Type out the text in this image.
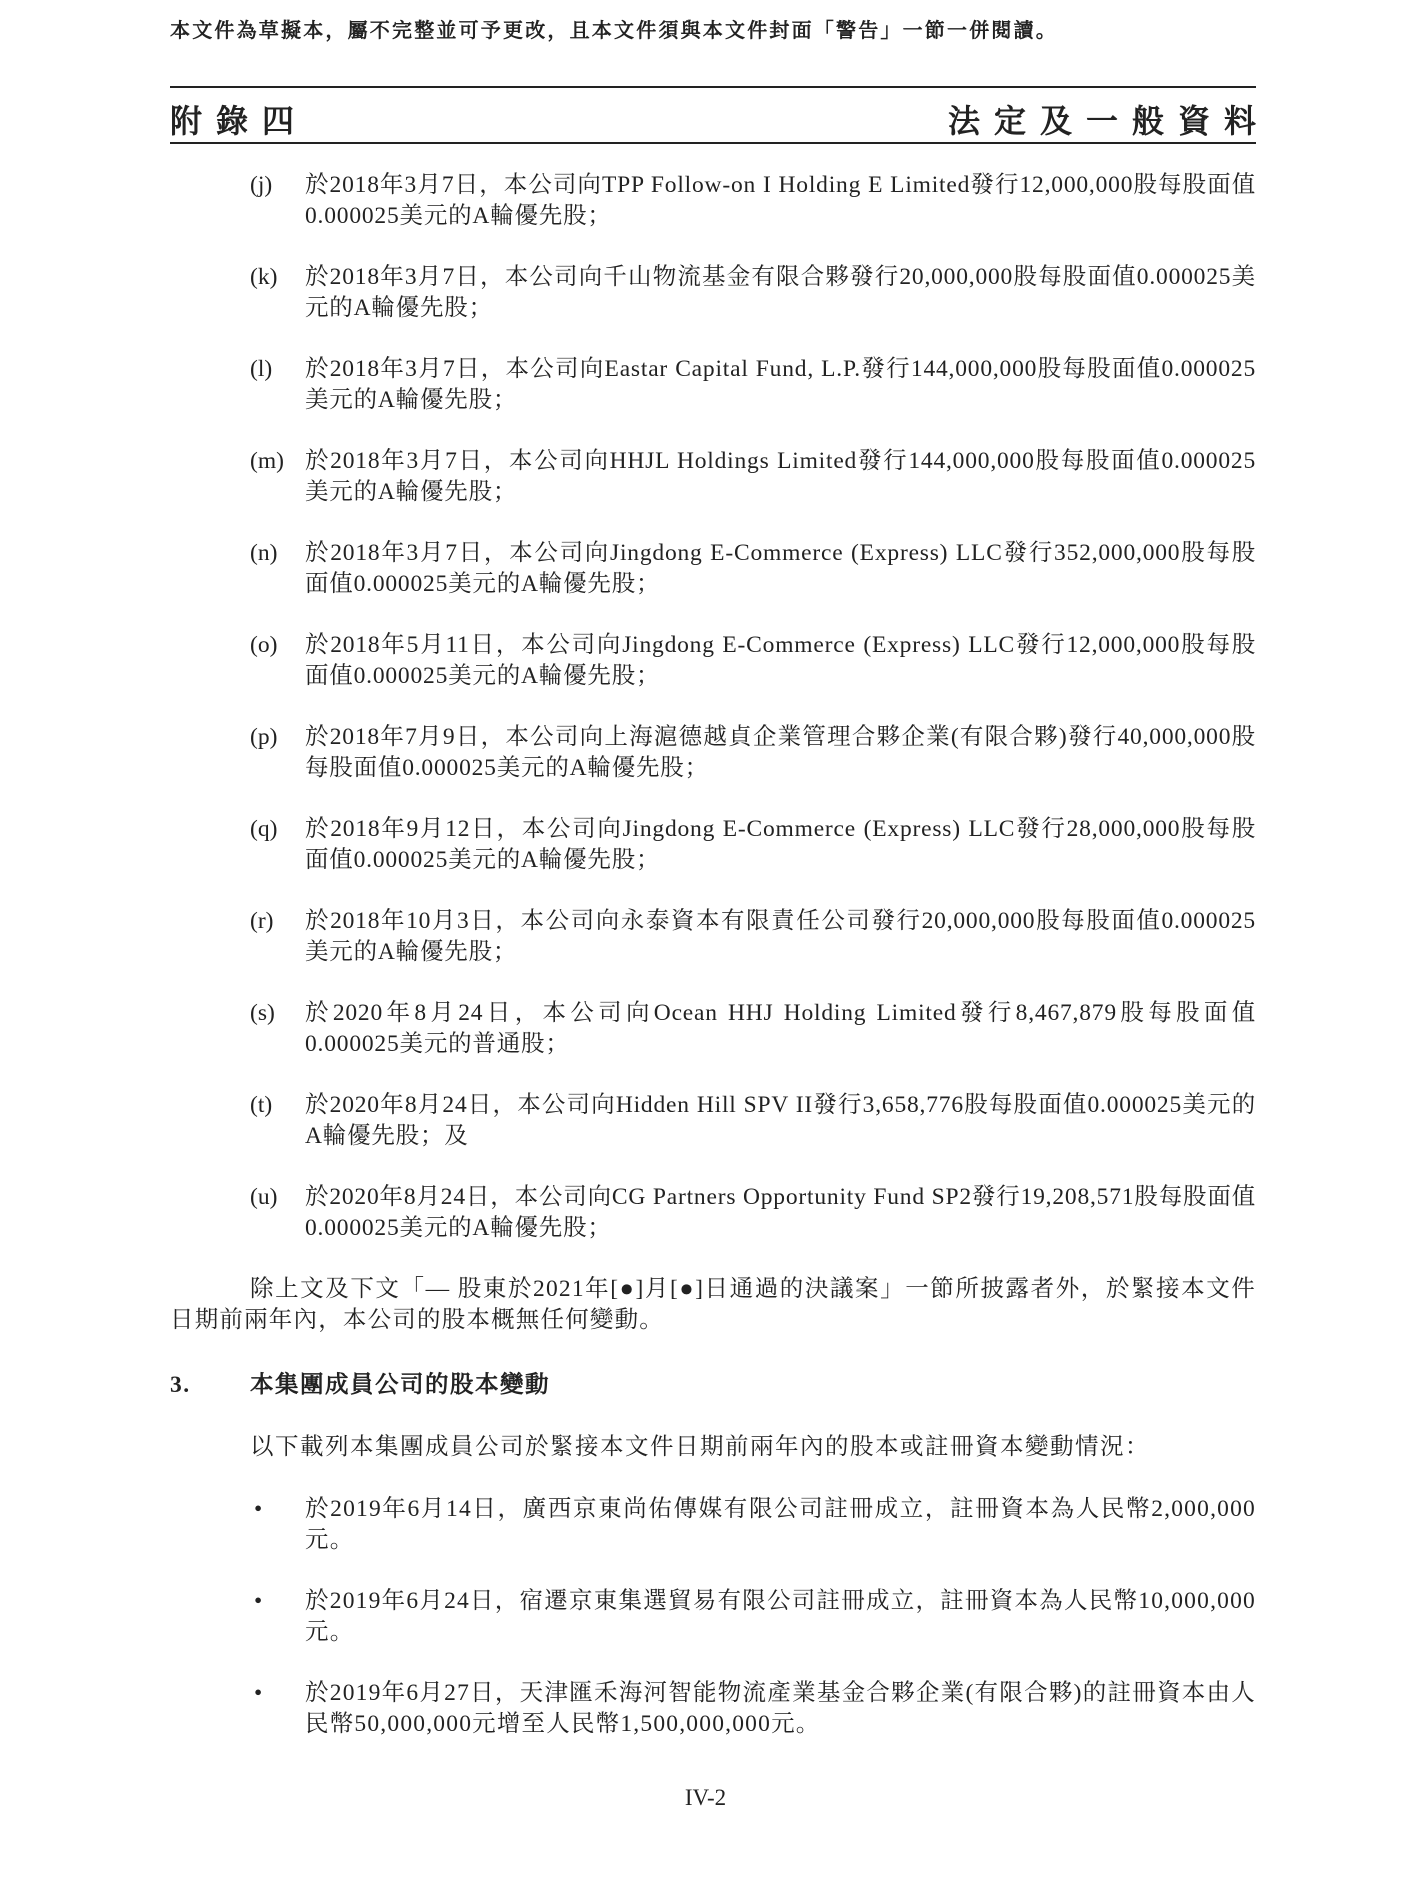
本文件為草擬本，屬不完整並可予更改，且本文件須與本文件封面「警告」一節一併閱讀。
附錄四	法定及一般資料
(j) 於2018年3月7日，本公司向TPP Follow-on I Holding E Limited發行12,000,000股每股面值0.000025美元的A輪優先股；
(k) 於2018年3月7日，本公司向千山物流基金有限合夥發行20,000,000股每股面值0.000025美元的A輪優先股；
(l) 於2018年3月7日，本公司向Eastar Capital Fund, L.P.發行144,000,000股每股面值0.000025美元的A輪優先股；
(m) 於2018年3月7日，本公司向HHJL Holdings Limited發行144,000,000股每股面值0.000025美元的A輪優先股；
(n) 於2018年3月7日，本公司向Jingdong E-Commerce (Express) LLC發行352,000,000股每股面值0.000025美元的A輪優先股；
(o) 於2018年5月11日，本公司向Jingdong E-Commerce (Express) LLC發行12,000,000股每股面值0.000025美元的A輪優先股；
(p) 於2018年7月9日，本公司向上海滬德越貞企業管理合夥企業(有限合夥)發行40,000,000股每股面值0.000025美元的A輪優先股；
(q) 於2018年9月12日，本公司向Jingdong E-Commerce (Express) LLC發行28,000,000股每股面值0.000025美元的A輪優先股；
(r) 於2018年10月3日，本公司向永泰資本有限責任公司發行20,000,000股每股面值0.000025美元的A輪優先股；
(s) 於2020年8月24日，本公司向Ocean HHJ Holding Limited發行8,467,879股每股面值0.000025美元的普通股；
(t) 於2020年8月24日，本公司向Hidden Hill SPV II發行3,658,776股每股面值0.000025美元的A輪優先股；及
(u) 於2020年8月24日，本公司向CG Partners Opportunity Fund SP2發行19,208,571股每股面值0.000025美元的A輪優先股；

除上文及下文「— 股東於2021年[●]月[●]日通過的決議案」一節所披露者外，於緊接本文件日期前兩年內，本公司的股本概無任何變動。

3.	本集團成員公司的股本變動
以下載列本集團成員公司於緊接本文件日期前兩年內的股本或註冊資本變動情況：
• 於2019年6月14日，廣西京東尚佑傳媒有限公司註冊成立，註冊資本為人民幣2,000,000元。
• 於2019年6月24日，宿遷京東集選貿易有限公司註冊成立，註冊資本為人民幣10,000,000元。
• 於2019年6月27日，天津匯禾海河智能物流產業基金合夥企業(有限合夥)的註冊資本由人民幣50,000,000元增至人民幣1,500,000,000元。
IV-2
